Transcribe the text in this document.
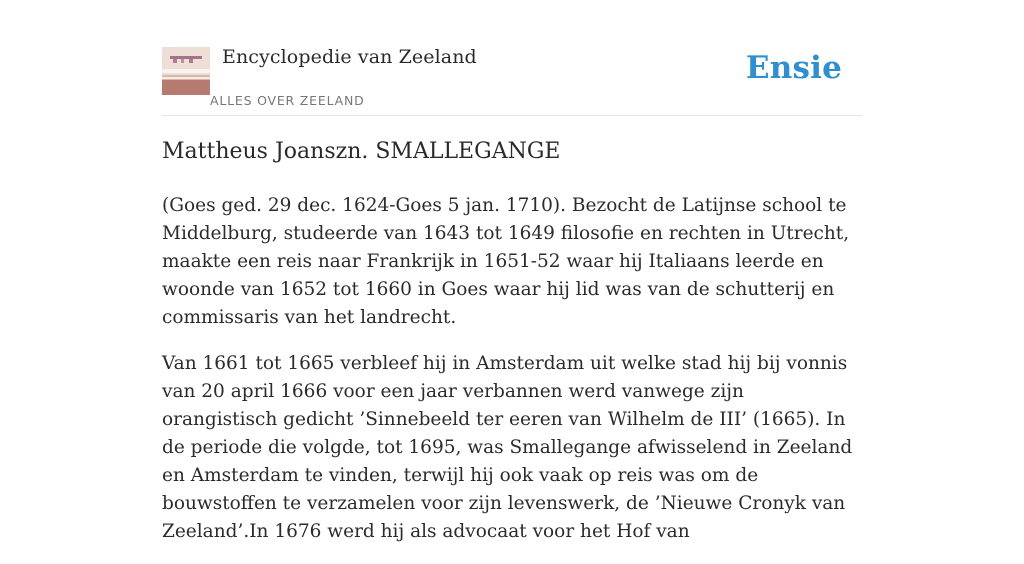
Encyclopedie van Zeeland
ALLES OVER ZEELAND
Ensie
Mattheus Joanszn. SMALLEGANGE

(Goes ged. 29 dec. 1624-Goes 5 jan. 1710). Bezocht de Latijnse school te Middelburg, studeerde van 1643 tot 1649 filosofie en rechten in Utrecht, maakte een reis naar Frankrijk in 1651-52 waar hij Italiaans leerde en woonde van 1652 tot 1660 in Goes waar hij lid was van de schutterij en commissaris van het landrecht.

Van 1661 tot 1665 verbleef hij in Amsterdam uit welke stad hij bij vonnis van 20 april 1666 voor een jaar verbannen werd vanwege zijn orangistisch gedicht ’Sinnebeeld ter eeren van Wilhelm de III’ (1665). In de periode die volgde, tot 1695, was Smallegange afwisselend in Zeeland en Amsterdam te vinden, terwijl hij ook vaak op reis was om de bouwstoffen te verzamelen voor zijn levenswerk, de ’Nieuwe Cronyk van Zeeland’.In 1676 werd hij als advocaat voor het Hof van
